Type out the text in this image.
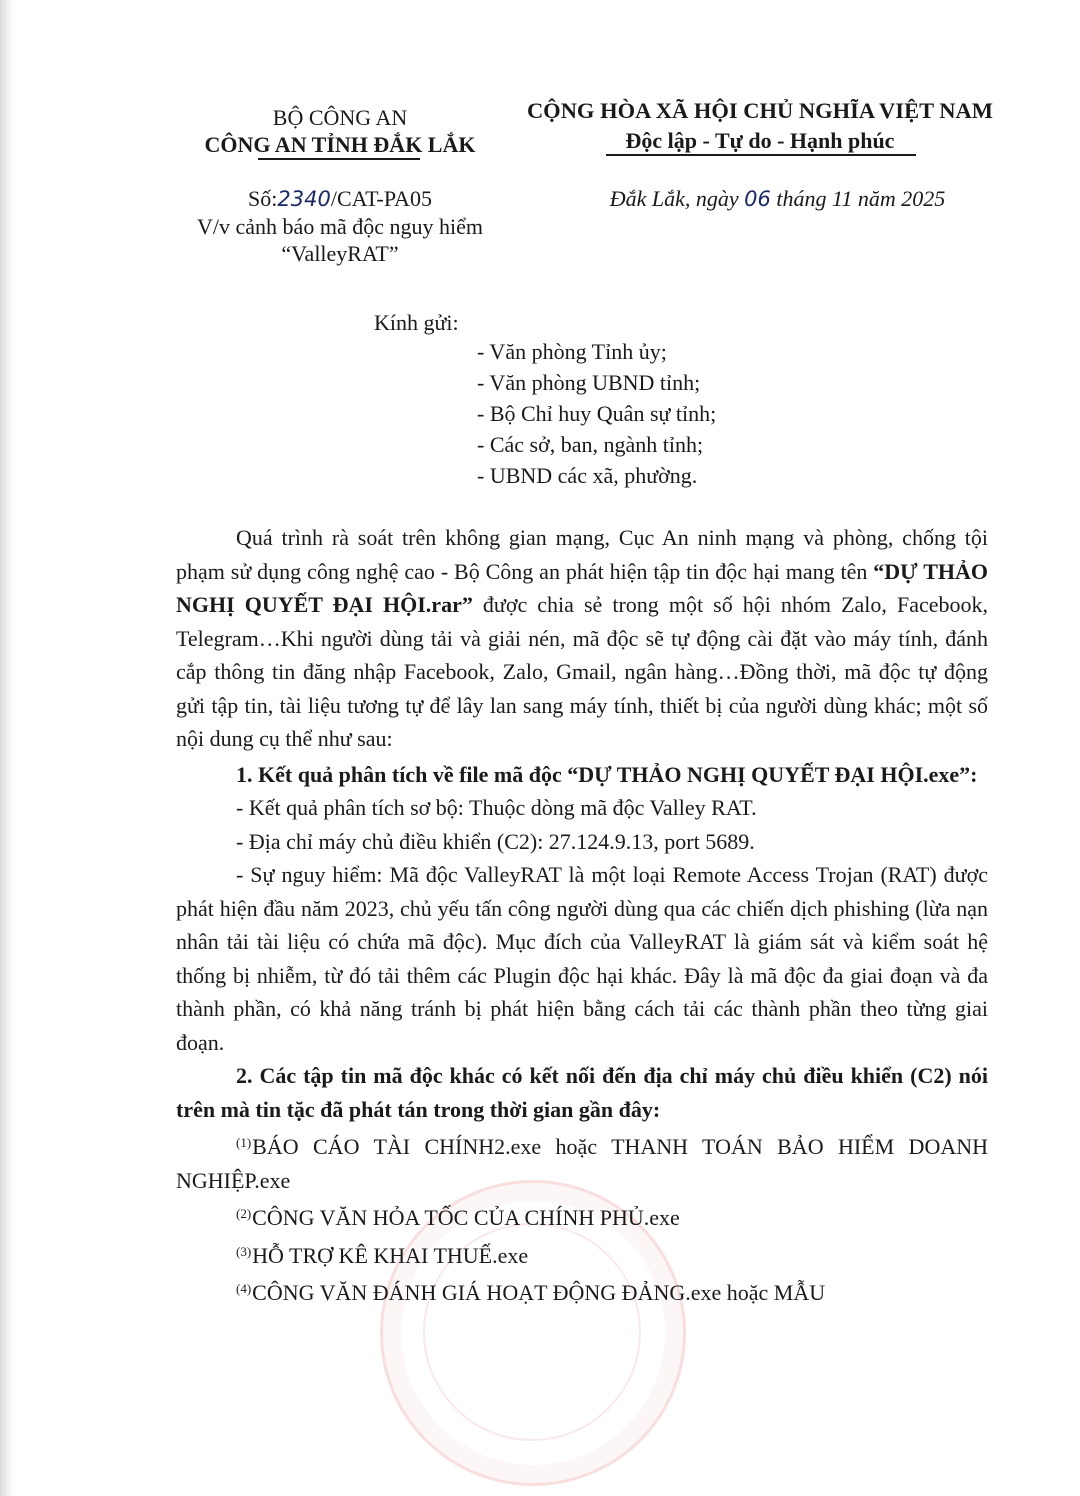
BỘ CÔNG AN
CÔNG AN TỈNH ĐẮK LẮK
Số:2340/CAT-PA05
V/v cảnh báo mã độc nguy hiểm
“ValleyRAT”
CỘNG HÒA XÃ HỘI CHỦ NGHĨA VIỆT NAM
Độc lập - Tự do - Hạnh phúc
Đắk Lắk, ngày 06 tháng 11 năm 2025
Kính gửi:
- Văn phòng Tỉnh ủy;
- Văn phòng UBND tỉnh;
- Bộ Chỉ huy Quân sự tỉnh;
- Các sở, ban, ngành tỉnh;
- UBND các xã, phường.

Quá trình rà soát trên không gian mạng, Cục An ninh mạng và phòng, chống tội phạm sử dụng công nghệ cao - Bộ Công an phát hiện tập tin độc hại mang tên “DỰ THẢO NGHỊ QUYẾT ĐẠI HỘI.rar” được chia sẻ trong một số hội nhóm Zalo, Facebook, Telegram…Khi người dùng tải và giải nén, mã độc sẽ tự động cài đặt vào máy tính, đánh cắp thông tin đăng nhập Facebook, Zalo, Gmail, ngân hàng…Đồng thời, mã độc tự động gửi tập tin, tài liệu tương tự để lây lan sang máy tính, thiết bị của người dùng khác; một số nội dung cụ thể như sau:

1. Kết quả phân tích về file mã độc “DỰ THẢO NGHỊ QUYẾT ĐẠI HỘI.exe”:

- Kết quả phân tích sơ bộ: Thuộc dòng mã độc Valley RAT.

- Địa chỉ máy chủ điều khiển (C2): 27.124.9.13, port 5689.

- Sự nguy hiểm: Mã độc ValleyRAT là một loại Remote Access Trojan (RAT) được phát hiện đầu năm 2023, chủ yếu tấn công người dùng qua các chiến dịch phishing (lừa nạn nhân tải tài liệu có chứa mã độc). Mục đích của ValleyRAT là giám sát và kiểm soát hệ thống bị nhiễm, từ đó tải thêm các Plugin độc hại khác. Đây là mã độc đa giai đoạn và đa thành phần, có khả năng tránh bị phát hiện bằng cách tải các thành phần theo từng giai đoạn.

2. Các tập tin mã độc khác có kết nối đến địa chỉ máy chủ điều khiển (C2) nói trên mà tin tặc đã phát tán trong thời gian gần đây:

$^{(1)}$BÁO CÁO TÀI CHÍNH2.exe hoặc THANH TOÁN BẢO HIỂM DOANH NGHIỆP.exe

$^{(2)}$CÔNG VĂN HỎA TỐC CỦA CHÍNH PHỦ.exe

$^{(3)}$HỖ TRỢ KÊ KHAI THUẾ.exe

$^{(4)}$CÔNG VĂN ĐÁNH GIÁ HOẠT ĐỘNG ĐẢNG.exe hoặc MẪU
